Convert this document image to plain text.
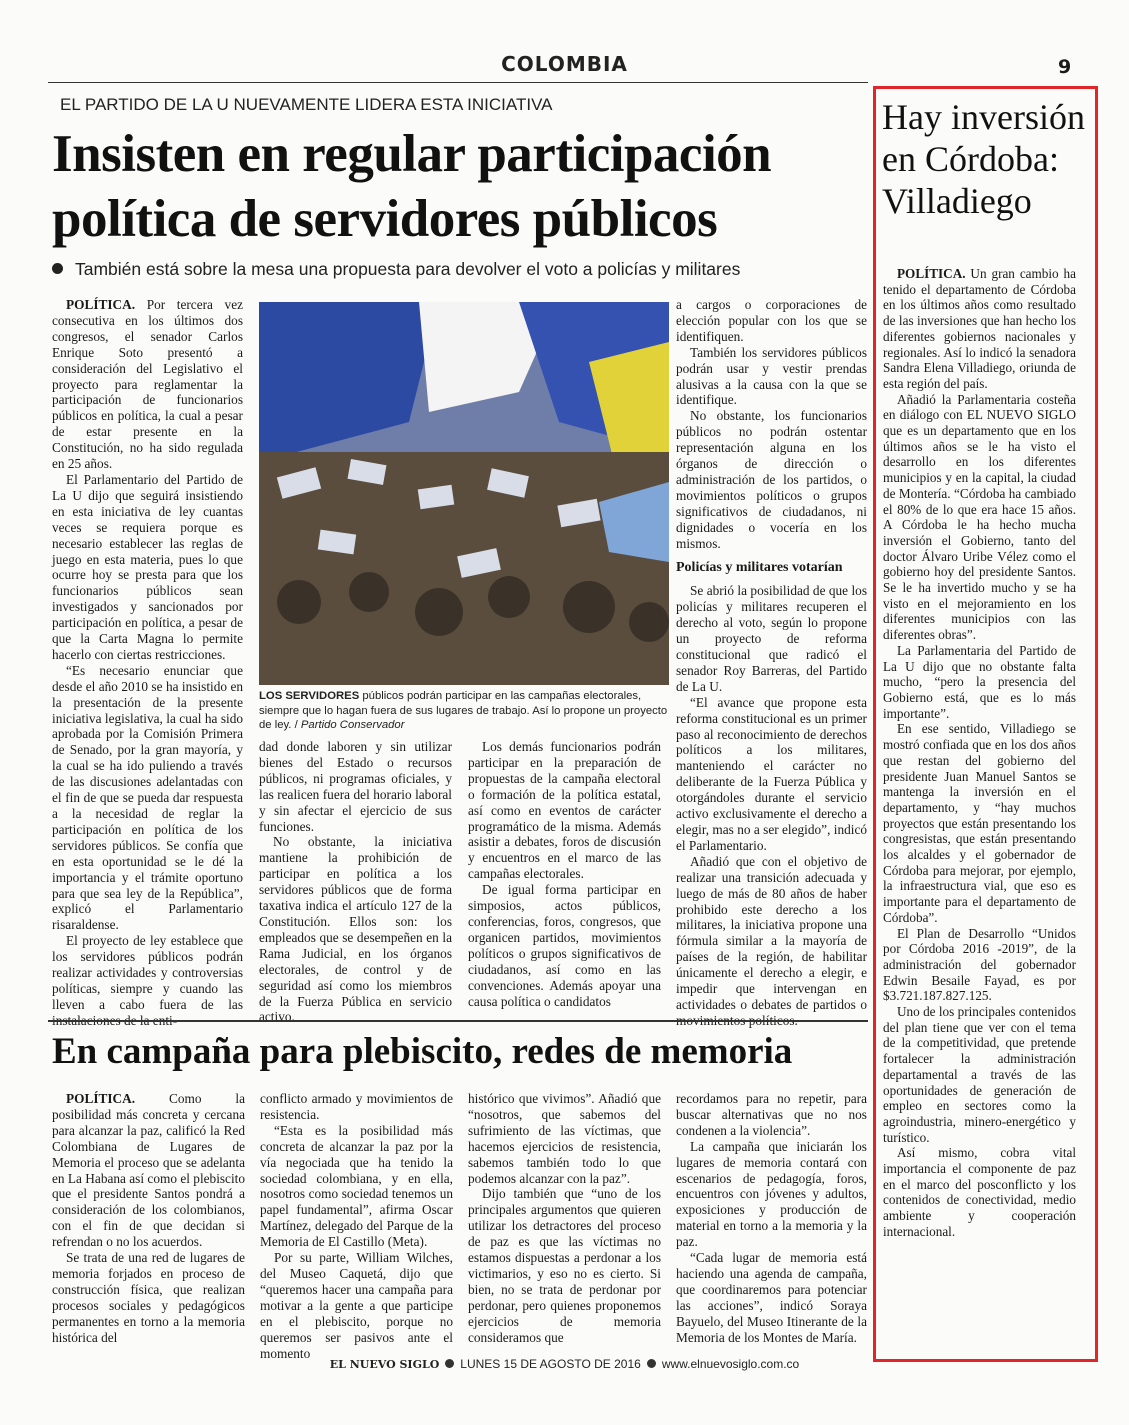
COLOMBIA	9
EL PARTIDO DE LA U NUEVAMENTE LIDERA ESTA INICIATIVA
Insisten en regular participación política de servidores públicos
También está sobre la mesa una propuesta para devolver el voto a policías y militares

POLÍTICA. Por tercera vez consecutiva en los últimos dos congresos, el senador Carlos Enrique Soto presentó a consideración del Legislativo el proyecto para reglamentar la participación de funcionarios públicos en política, la cual a pesar de estar presente en la Constitución, no ha sido regulada en 25 años.

El Parlamentario del Partido de La U dijo que seguirá insistiendo en esta iniciativa de ley cuantas veces se requiera porque es necesario establecer las reglas de juego en esta materia, pues lo que ocurre hoy se presta para que los funcionarios públicos sean investigados y sancionados por participación en política, a pesar de que la Carta Magna lo permite hacerlo con ciertas restricciones.

“Es necesario enunciar que desde el año 2010 se ha insistido en la presentación de la presente iniciativa legislativa, la cual ha sido aprobada por la Comisión Primera de Senado, por la gran mayoría, y la cual se ha ido puliendo a través de las discusiones adelantadas con el fin de que se pueda dar respuesta a la necesidad de reglar la participación en política de los servidores públicos. Se confía que en esta oportunidad se le dé la importancia y el trámite oportuno para que sea ley de la República”, explicó el Parlamentario risaraldense.

El proyecto de ley establece que los servidores públicos podrán realizar actividades y controversias políticas, siempre y cuando las lleven a cabo fuera de las instalaciones de la enti-

LOS SERVIDORES públicos podrán participar en las campañas electorales, siempre que lo hagan fuera de sus lugares de trabajo. Así lo propone un proyecto de ley. / Partido Conservador

dad donde laboren y sin utilizar bienes del Estado o recursos públicos, ni programas oficiales, y las realicen fuera del horario laboral y sin afectar el ejercicio de sus funciones.

No obstante, la iniciativa mantiene la prohibición de participar en política a los servidores públicos que de forma taxativa indica el artículo 127 de la Constitución. Ellos son: los empleados que se desempeñen en la Rama Judicial, en los órganos electorales, de control y de seguridad así como los miembros de la Fuerza Pública en servicio activo.

Los demás funcionarios podrán participar en la preparación de propuestas de la campaña electoral o formación de la política estatal, así como en eventos de carácter programático de la misma. Además asistir a debates, foros de discusión y encuentros en el marco de las campañas electorales.

De igual forma participar en simposios, actos públicos, conferencias, foros, congresos, que organicen partidos, movimientos políticos o grupos significativos de ciudadanos, así como en las convenciones. Además apoyar una causa política o candidatos

a cargos o corporaciones de elección popular con los que se identifiquen.

También los servidores públicos podrán usar y vestir prendas alusivas a la causa con la que se identifique.

No obstante, los funcionarios públicos no podrán ostentar representación alguna en los órganos de dirección o administración de los partidos, o movimientos políticos o grupos significativos de ciudadanos, ni dignidades o vocería en los mismos.

Policías y militares votarían

Se abrió la posibilidad de que los policías y militares recuperen el derecho al voto, según lo propone un proyecto de reforma constitucional que radicó el senador Roy Barreras, del Partido de La U.

“El avance que propone esta reforma constitucional es un primer paso al reconocimiento de derechos políticos a los militares, manteniendo el carácter no deliberante de la Fuerza Pública y otorgándoles durante el servicio activo exclusivamente el derecho a elegir, mas no a ser elegido”, indicó el Parlamentario.

Añadió que con el objetivo de realizar una transición adecuada y luego de más de 80 años de haber prohibido este derecho a los militares, la iniciativa propone una fórmula similar a la mayoría de países de la región, de habilitar únicamente el derecho a elegir, e impedir que intervengan en actividades o debates de partidos o movimientos políticos.

En campaña para plebiscito, redes de memoria

POLÍTICA. Como la posibilidad más concreta y cercana para alcanzar la paz, calificó la Red Colombiana de Lugares de Memoria el proceso que se adelanta en La Habana así como el plebiscito que el presidente Santos pondrá a consideración de los colombianos, con el fin de que decidan si refrendan o no los acuerdos.

Se trata de una red de lugares de memoria forjados en proceso de construcción física, que realizan procesos sociales y pedagógicos permanentes en torno a la memoria histórica del

conflicto armado y movimientos de resistencia.

“Esta es la posibilidad más concreta de alcanzar la paz por la vía negociada que ha tenido la sociedad colombiana, y en ella, nosotros como sociedad tenemos un papel fundamental”, afirma Oscar Martínez, delegado del Parque de la Memoria de El Castillo (Meta).

Por su parte, William Wilches, del Museo Caquetá, dijo que “queremos hacer una campaña para motivar a la gente a que participe en el plebiscito, porque no queremos ser pasivos ante el momento

histórico que vivimos”. Añadió que “nosotros, que sabemos del sufrimiento de las víctimas, que hacemos ejercicios de resistencia, sabemos también todo lo que podemos alcanzar con la paz”.

Dijo también que “uno de los principales argumentos que quieren utilizar los detractores del proceso de paz es que las víctimas no estamos dispuestas a perdonar a los victimarios, y eso no es cierto. Si bien, no se trata de perdonar por perdonar, pero quienes proponemos ejercicios de memoria consideramos que

recordamos para no repetir, para buscar alternativas que no nos condenen a la violencia”.

La campaña que iniciarán los lugares de memoria contará con escenarios de pedagogía, foros, encuentros con jóvenes y adultos, exposiciones y producción de material en torno a la memoria y la paz.

“Cada lugar de memoria está haciendo una agenda de campaña, que coordinaremos para potenciar las acciones”, indicó Soraya Bayuelo, del Museo Itinerante de la Memoria de los Montes de María.

Hay inversión en Córdoba: Villadiego

POLÍTICA. Un gran cambio ha tenido el departamento de Córdoba en los últimos años como resultado de las inversiones que han hecho los diferentes gobiernos nacionales y regionales. Así lo indicó la senadora Sandra Elena Villadiego, oriunda de esta región del país.

Añadió la Parlamentaria costeña en diálogo con EL NUEVO SIGLO que es un departamento que en los últimos años se le ha visto el desarrollo en los diferentes municipios y en la capital, la ciudad de Montería. “Córdoba ha cambiado el 80% de lo que era hace 15 años. A Córdoba le ha hecho mucha inversión el Gobierno, tanto del doctor Álvaro Uribe Vélez como el gobierno hoy del presidente Santos. Se le ha invertido mucho y se ha visto en el mejoramiento en los diferentes municipios con las diferentes obras”.

La Parlamentaria del Partido de La U dijo que no obstante falta mucho, “pero la presencia del Gobierno está, que es lo más importante”.

En ese sentido, Villadiego se mostró confiada que en los dos años que restan del gobierno del presidente Juan Manuel Santos se mantenga la inversión en el departamento, y “hay muchos proyectos que están presentando los congresistas, que están presentando los alcaldes y el gobernador de Córdoba para mejorar, por ejemplo, la infraestructura vial, que eso es importante para el departamento de Córdoba”.

El Plan de Desarrollo “Unidos por Córdoba 2016 -2019”, de la administración del gobernador Edwin Besaile Fayad, es por $3.721.187.827.125.

Uno de los principales contenidos del plan tiene que ver con el tema de la competitividad, que pretende fortalecer la administración departamental a través de las oportunidades de generación de empleo en sectores como la agroindustria, minero-energético y turístico.

Así mismo, cobra vital importancia el componente de paz en el marco del posconflicto y los contenidos de conectividad, medio ambiente y cooperación internacional.

EL NUEVO SIGLO LUNES 15 DE AGOSTO DE 2016 www.elnuevosiglo.com.co
